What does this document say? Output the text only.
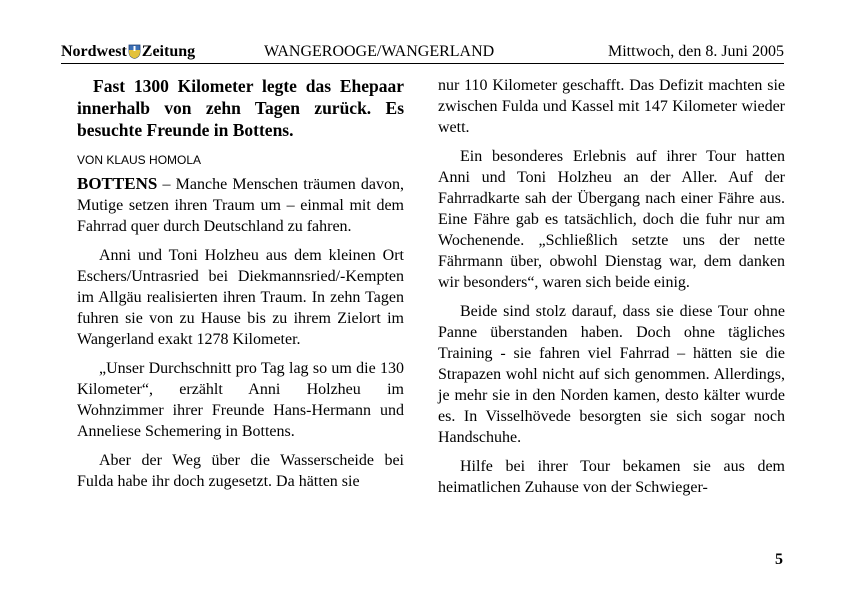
Nordwest Zeitung	WANGEROOGE/WANGERLAND	Mittwoch, den 8. Juni 2005

Fast 1300 Kilometer legte das Ehepaar innerhalb von zehn Tagen zurück. Es besuchte Freunde in Bottens.

VON KLAUS HOMOLA

BOTTENS – Manche Menschen träumen davon, Mutige setzen ihren Traum um – einmal mit dem Fahrrad quer durch Deutschland zu fahren.

Anni und Toni Holzheu aus dem kleinen Ort Eschers/Untrasried bei Diekmannsried/-Kempten im Allgäu realisierten ihren Traum. In zehn Tagen fuhren sie von zu Hause bis zu ihrem Zielort im Wangerland exakt 1278 Kilometer.

„Unser Durchschnitt pro Tag lag so um die 130 Kilometer“, erzählt Anni Holzheu im Wohnzimmer ihrer Freunde Hans-Hermann und Anneliese Schemering in Bottens.

Aber der Weg über die Wasserscheide bei Fulda habe ihr doch zugesetzt. Da hätten sie

nur 110 Kilometer geschafft. Das Defizit machten sie zwischen Fulda und Kassel mit 147 Kilometer wieder wett.

Ein besonderes Erlebnis auf ihrer Tour hatten Anni und Toni Holzheu an der Aller. Auf der Fahrradkarte sah der Übergang nach einer Fähre aus. Eine Fähre gab es tatsächlich, doch die fuhr nur am Wochenende. „Schließlich setzte uns der nette Fährmann über, obwohl Dienstag war, dem danken wir besonders“, waren sich beide einig.

Beide sind stolz darauf, dass sie diese Tour ohne Panne überstanden haben. Doch ohne tägliches Training - sie fahren viel Fahrrad – hätten sie die Strapazen wohl nicht auf sich genommen. Allerdings, je mehr sie in den Norden kamen, desto kälter wurde es. In Visselhövede besorgten sie sich sogar noch Handschuhe.

Hilfe bei ihrer Tour bekamen sie aus dem heimatlichen Zuhause von der Schwieger-

5
